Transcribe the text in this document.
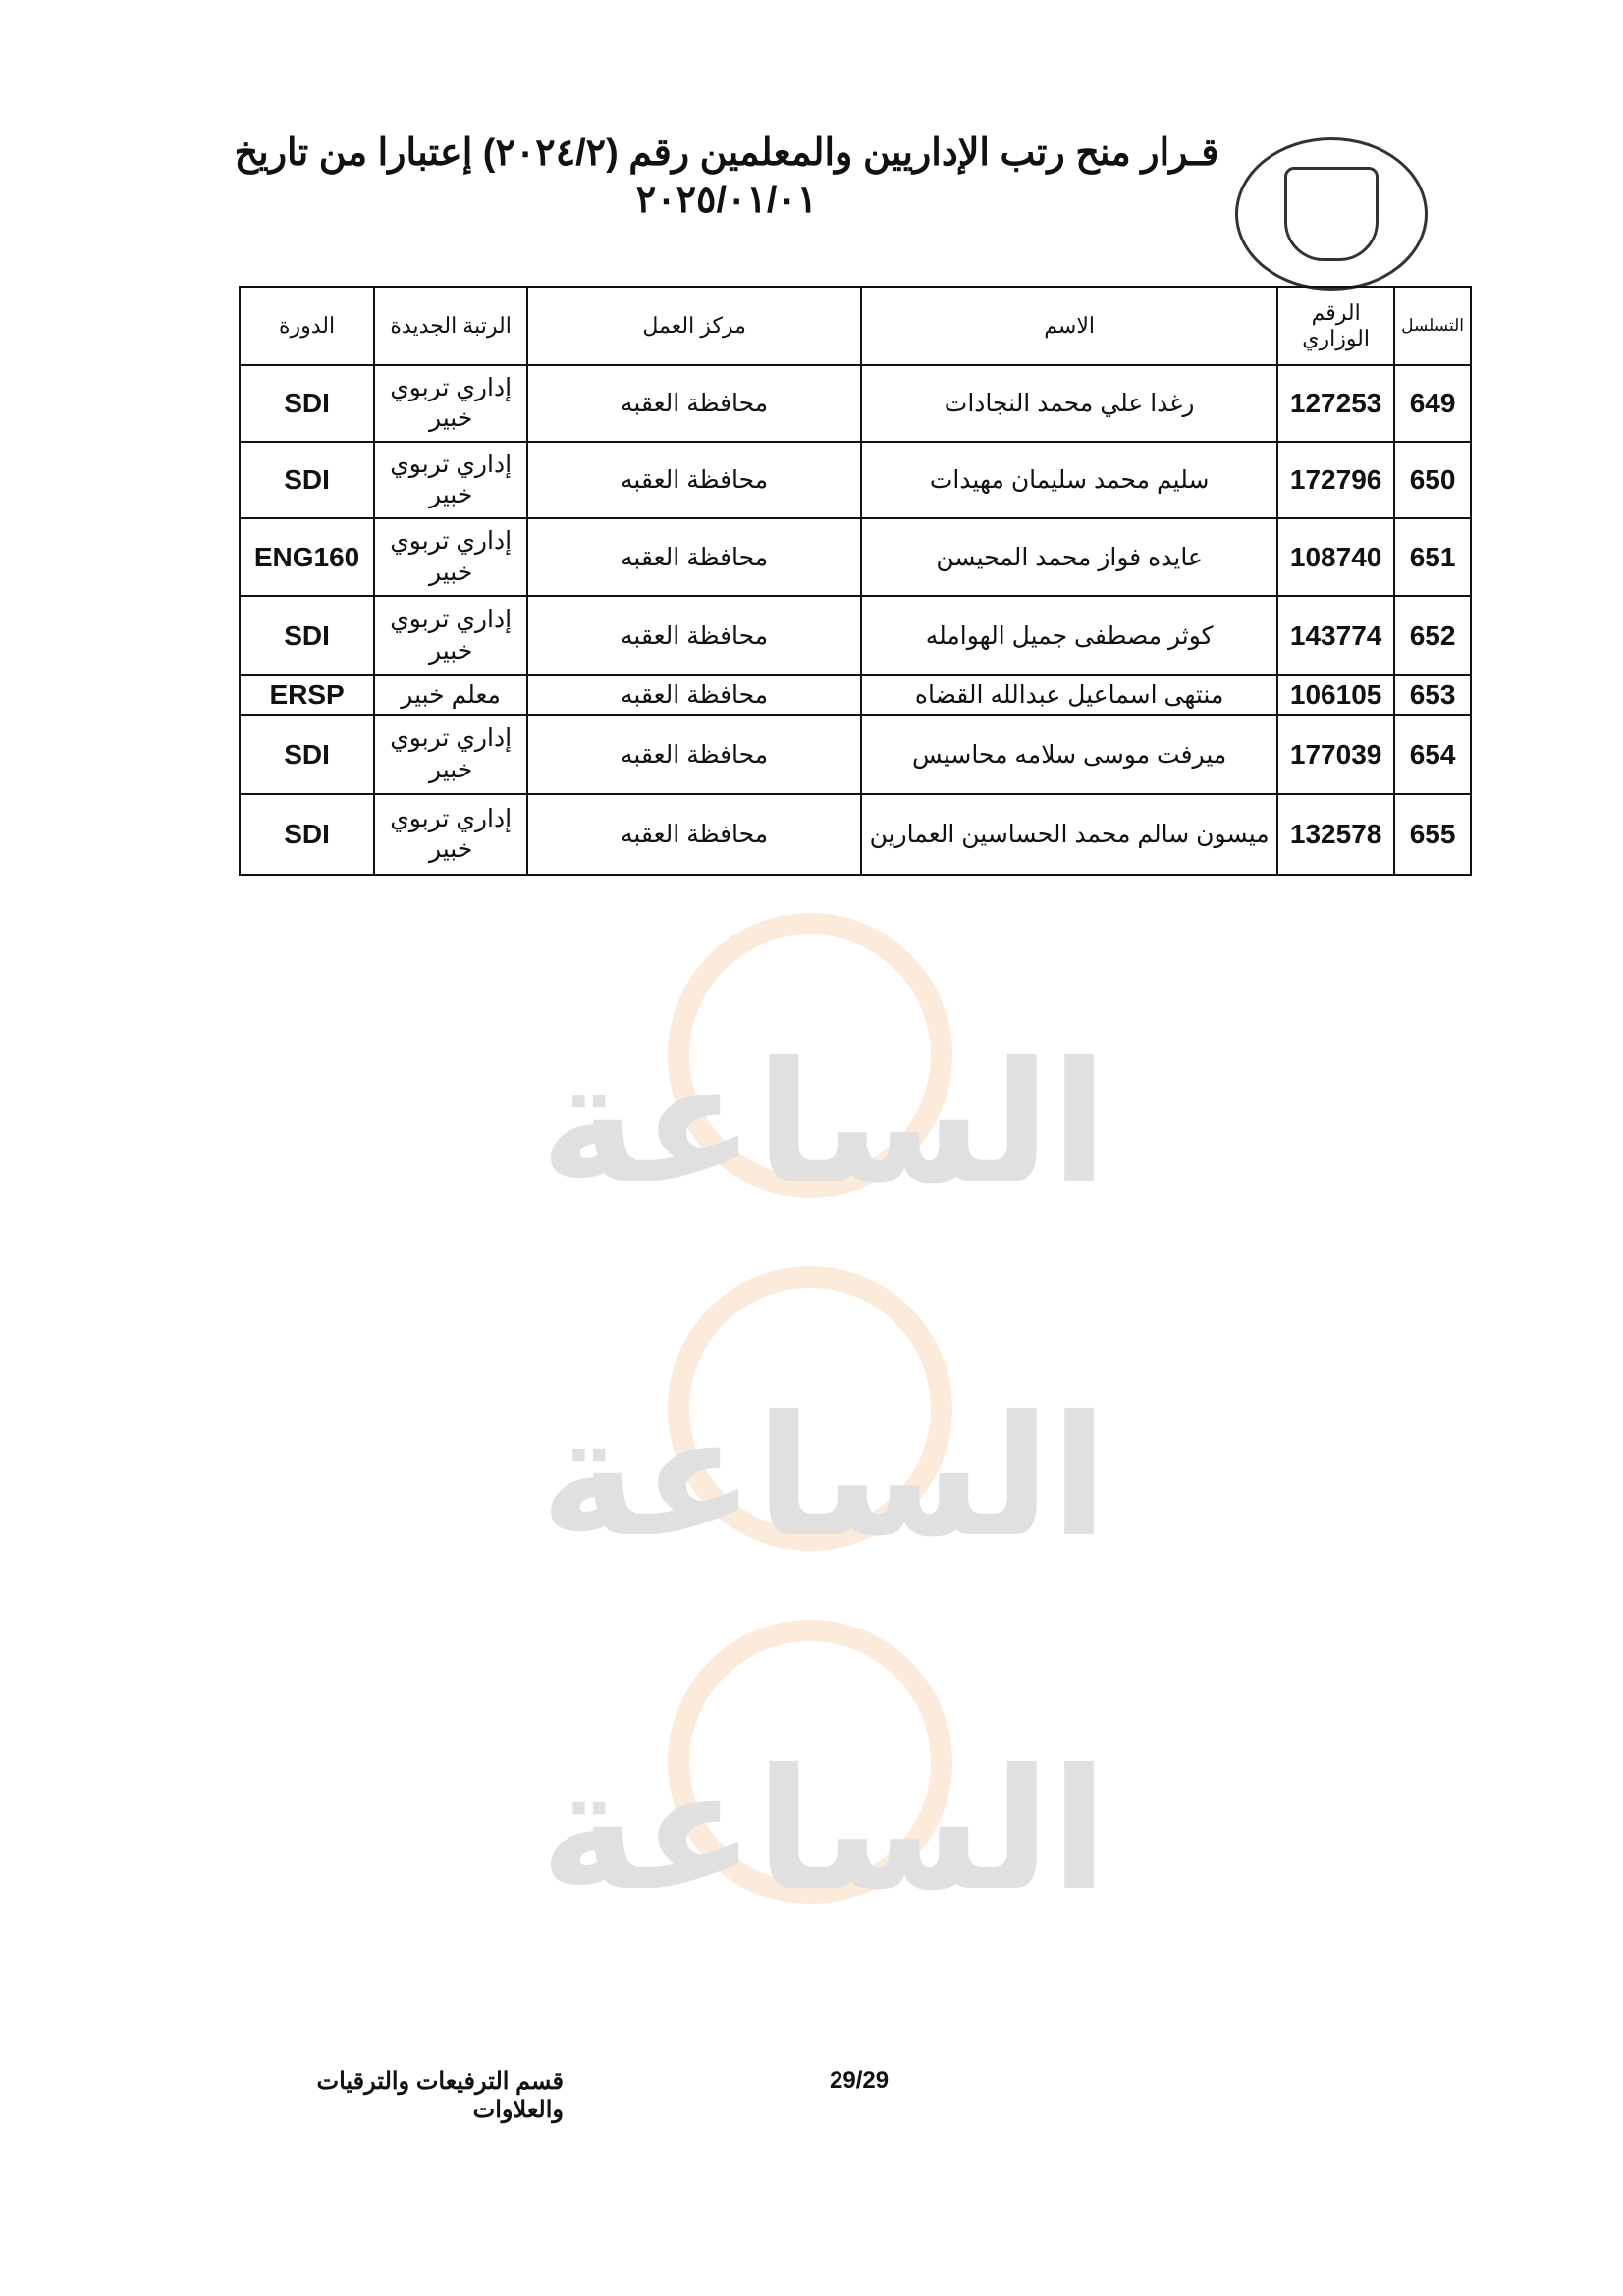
الساعة
الساعة
الساعة
قـرار منح رتب الإداريين والمعلمين رقم (٢٠٢٤/٢) إعتبارا من تاريخ
٢٠٢٥/٠١/٠١
التسلسل	الرقم الوزاري	الاسم	مركز العمل	الرتبة الجديدة	الدورة
649	127253	رغدا علي محمد النجادات	محافظة العقبه	إداري تربوي خبير	SDI
650	172796	سليم محمد سليمان مهيدات	محافظة العقبه	إداري تربوي خبير	SDI
651	108740	عايده فواز محمد المحيسن	محافظة العقبه	إداري تربوي خبير	ENG160
652	143774	كوثر مصطفى جميل الهوامله	محافظة العقبه	إداري تربوي خبير	SDI
653	106105	منتهى اسماعيل عبدالله القضاه	محافظة العقبه	معلم خبير	ERSP
654	177039	ميرفت موسى سلامه محاسيس	محافظة العقبه	إداري تربوي خبير	SDI
655	132578	ميسون سالم محمد الحساسين العمارين	محافظة العقبه	إداري تربوي خبير	SDI
29/29
قسم الترفيعات والترقيات والعلاوات
